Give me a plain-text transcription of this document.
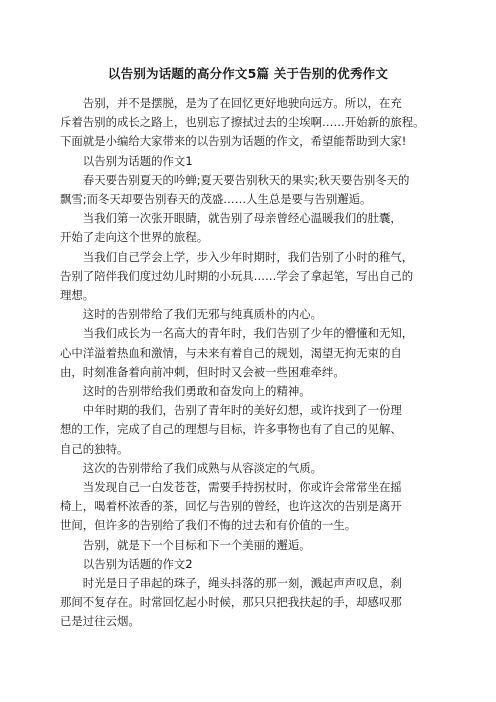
以告别为话题的高分作文5篇 关于告别的优秀作文

告别，并不是摆脱，是为了在回忆更好地驶向远方。所以，在充
斥着告别的成长之路上，也别忘了擦拭过去的尘埃啊……开始新的旅程。
下面就是小编给大家带来的以告别为话题的作文，希望能帮助到大家!

以告别为话题的作文1

春天要告别夏天的吟蝉;夏天要告别秋天的果实;秋天要告别冬天的
飘雪;而冬天却要告别春天的茂盛……人生总是要与告别邂逅。

当我们第一次张开眼睛，就告别了母亲曾经心温暖我们的肚囊，
开始了走向这个世界的旅程。

当我们自己学会上学，步入少年时期时，我们告别了小时的稚气，
告别了陪伴我们度过幼儿时期的小玩具……学会了拿起笔，写出自己的
理想。

这时的告别带给了我们无邪与纯真质朴的内心。

当我们成长为一名高大的青年时，我们告别了少年的懵懂和无知，
心中洋溢着热血和激情，与未来有着自己的规划，渴望无拘无束的自
由，时刻准备着向前冲刺，但时时又会被一些困难牵绊。

这时的告别带给我们勇敢和奋发向上的精神。

中年时期的我们，告别了青年时的美好幻想，或许找到了一份理
想的工作，完成了自己的理想与目标，许多事物也有了自己的见解、
自己的独特。

这次的告别带给了我们成熟与从容淡定的气质。

当发现自己一白发苍苍，需要手持拐杖时，你或许会常常坐在摇
椅上，喝着杯浓香的茶，回忆与告别的曾经，也许这次的告别是离开
世间，但许多的告别给了我们不悔的过去和有价值的一生。

告别，就是下一个目标和下一个美丽的邂逅。

以告别为话题的作文2

时光是日子串起的珠子，绳头抖落的那一刻，溅起声声叹息，刹
那间不复存在。时常回忆起小时候，那只只把我扶起的手，却感叹那
已是过往云烟。
